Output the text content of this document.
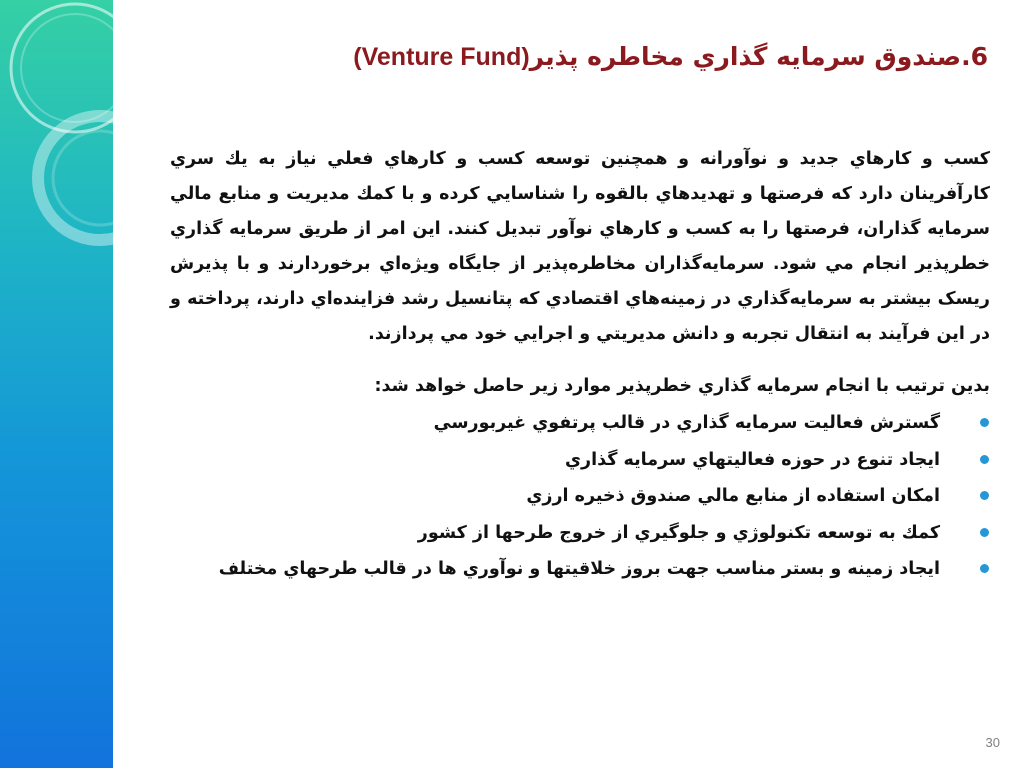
6.صندوق سرمايه گذاري مخاطره پذير(Venture Fund)
كسب و كارهاي جديد و نوآورانه و همچنين توسعه كسب و كارهاي فعلي نياز به يك سري كارآفرينان دارد كه فرصتها و تهديدهاي بالقوه را شناسايي كرده و با كمك مديريت و منابع مالي سرمايه گذاران، فرصتها را به كسب و كارهاي نوآور تبديل كنند. اين امر از طريق سرمايه گذاري خطرپذير انجام مي شود. سرمايه‌گذاران مخاطره‌پذير از جايگاه ويژه‌اي برخوردارند و با پذيرش ريسک بيشتر به سرمايه‌گذاري در زمينه‌هاي اقتصادي كه پتانسيل رشد فزاينده‌اي دارند، پرداخته و در اين فرآيند به انتقال تجربه و دانش مديريتي و اجرايي خود مي پردازند.
بدين ترتيب با انجام سرمايه گذاري خطرپذير موارد زير حاصل خواهد شد:
گسترش فعاليت سرمايه گذاري در قالب پرتفوي غيربورسي
ايجاد تنوع در حوزه فعاليتهاي سرمايه گذاري
امكان استفاده از منابع مالي صندوق ذخيره ارزي
كمك به توسعه تكنولوژي و جلوگيري از خروج طرحها از كشور
ايجاد زمينه و بستر مناسب جهت بروز خلاقيتها و نوآوري ها در قالب طرحهاي مختلف
30
